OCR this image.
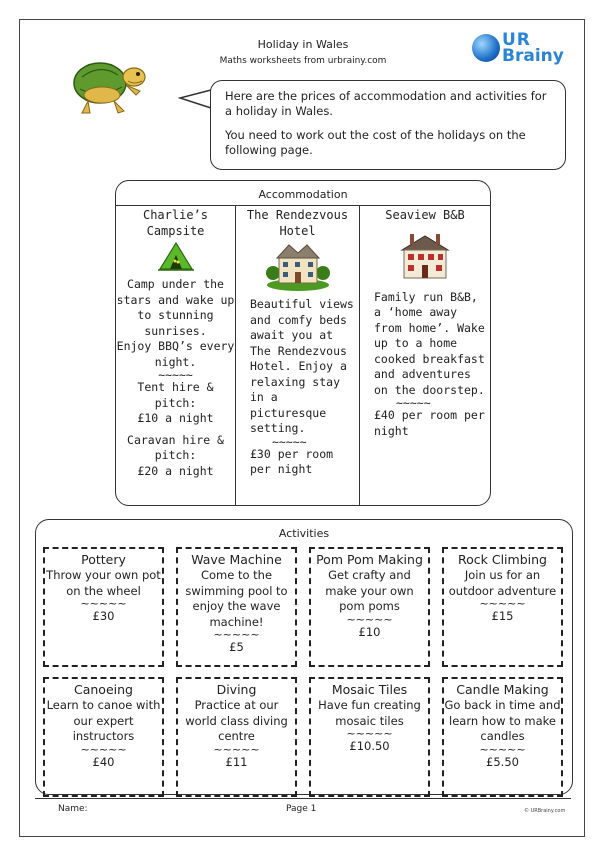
Holiday in Wales
Maths worksheets from urbrainy.com
UR
Brainy

Here are the prices of accommodation and activities for a holiday in Wales.

You need to work out the cost of the holidays on the following page.

Accommodation
Charlie’s Campsite

Camp under the stars and wake up to stunning sunrises.

Enjoy BBQ’s every night.

~~~~~

Tent hire & pitch:

£10 a night

Caravan hire & pitch:

£20 a night

The Rendezvous Hotel

Beautiful views and comfy beds await you at The Rendezvous Hotel. Enjoy a relaxing stay in a picturesque setting.

~~~~~

£30 per room per night

Seaview B&B

Family run B&B, a ‘home away from home’. Wake up to a home cooked breakfast and adventures on the doorstep.

~~~~~

£40 per room per night

Activities
Pottery
Throw your own pot on the wheel
~~~~~
£30
Wave Machine
Come to the swimming pool to enjoy the wave machine!
~~~~~
£5
Pom Pom Making
Get crafty and make your own pom poms
~~~~~
£10
Rock Climbing
Join us for an outdoor adventure
~~~~~
£15
Canoeing
Learn to canoe with our expert instructors
~~~~~
£40
Diving
Practice at our world class diving centre
~~~~~
£11
Mosaic Tiles
Have fun creating mosaic tiles
~~~~~
£10.50
Candle Making
Go back in time and learn how to make candles
~~~~~
£5.50
Name:	Page 1	© URBrainy.com
